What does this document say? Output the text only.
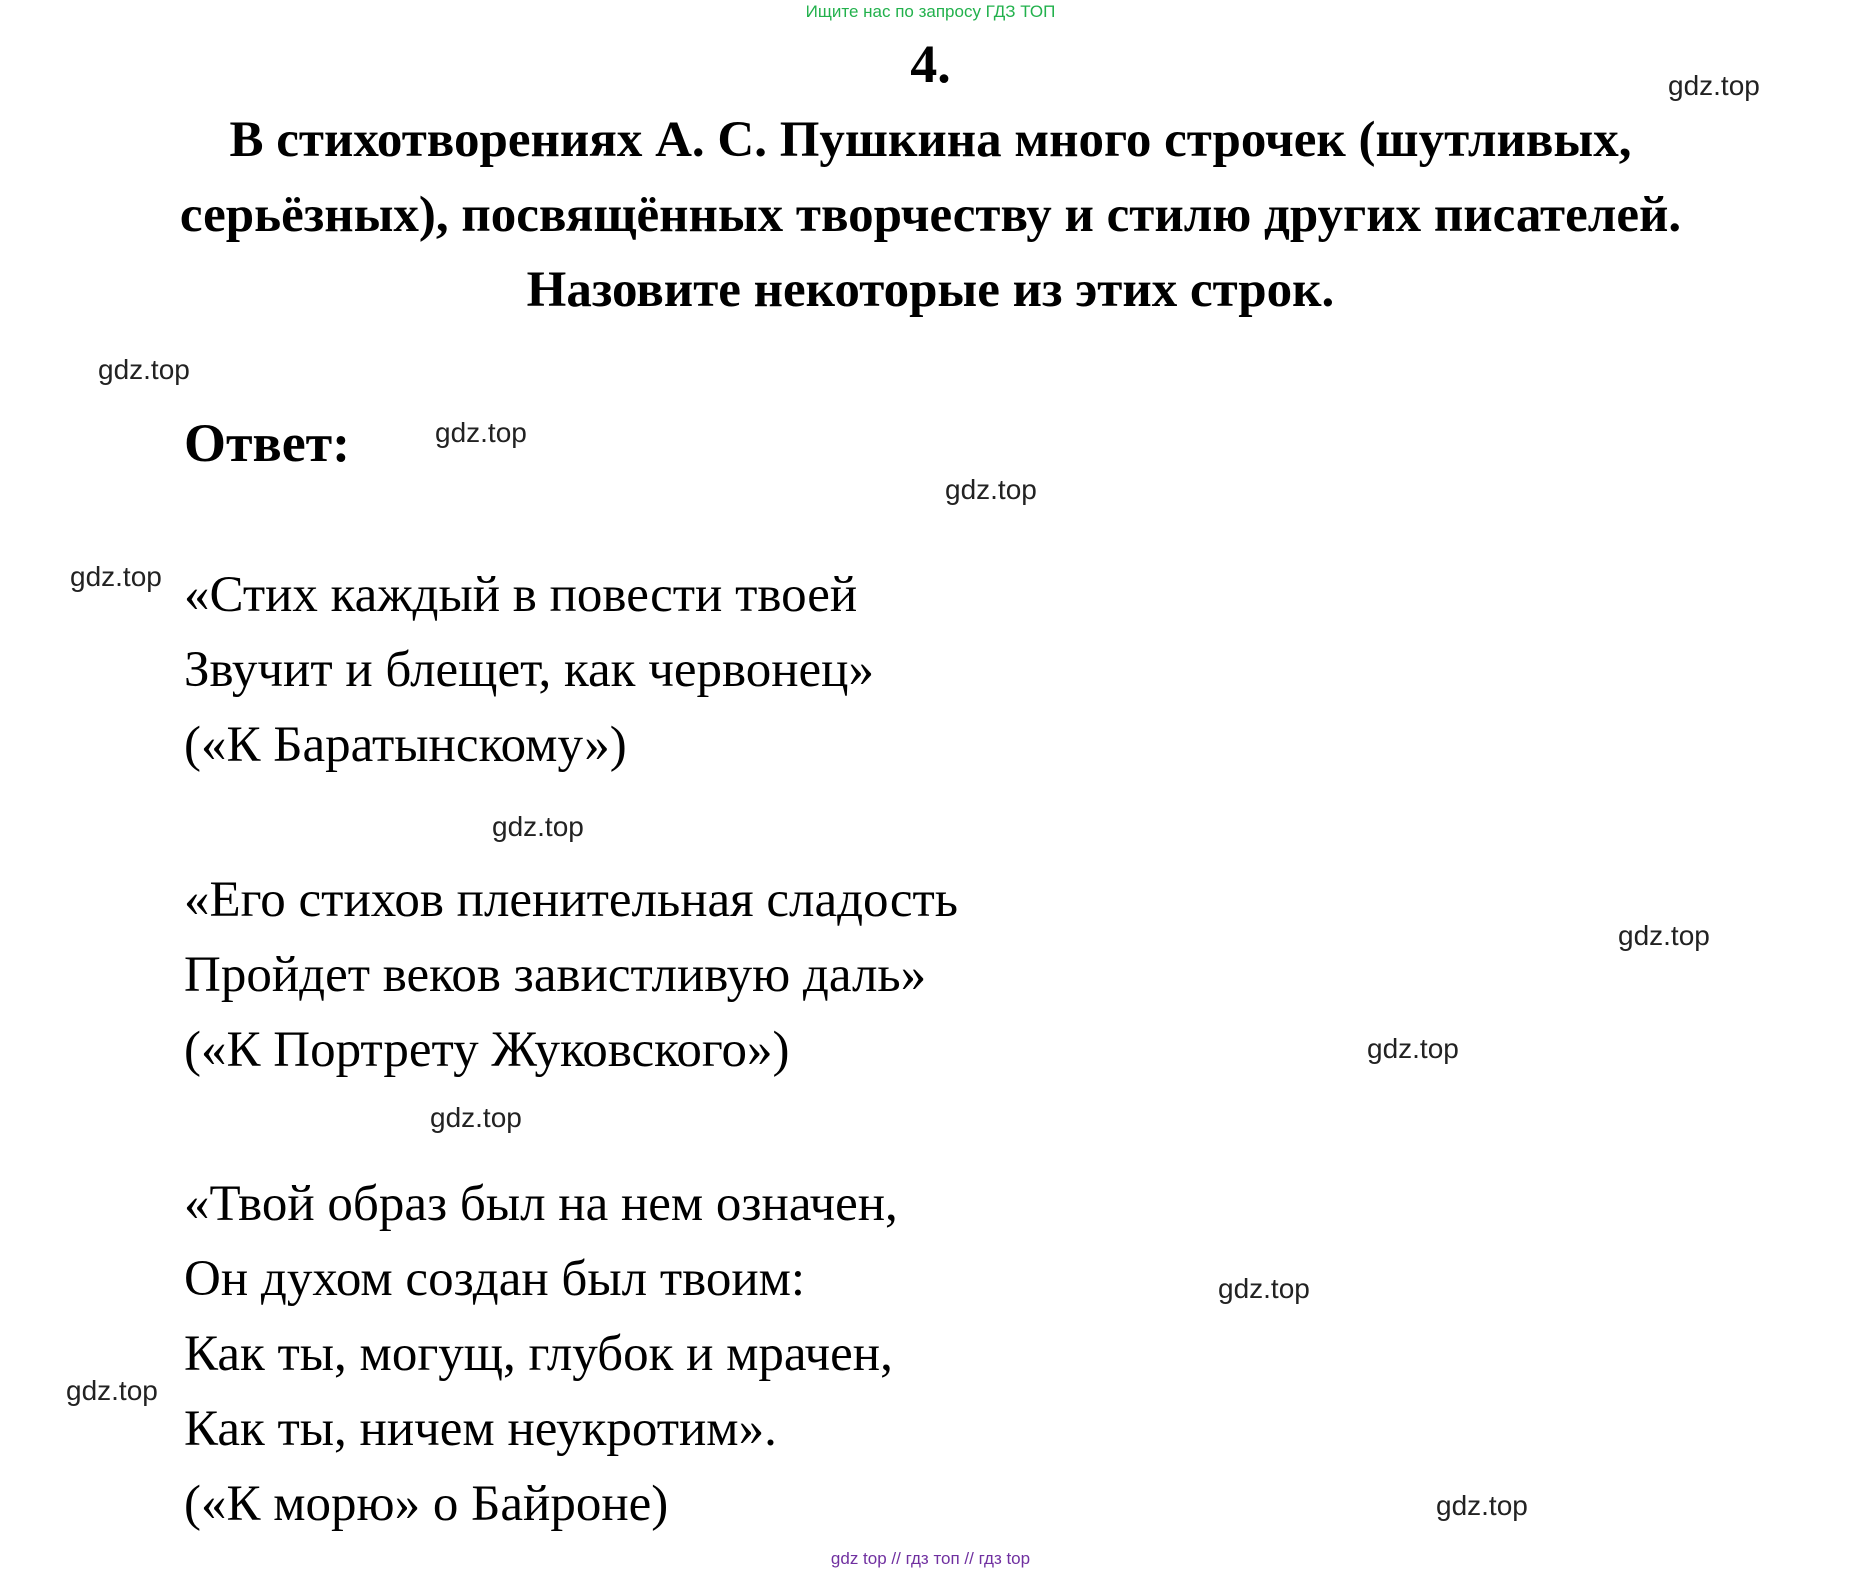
Ищите нас по запросу ГДЗ ТОП
4.
В стихотворениях А. С. Пушкина много строчек (шутливых,
серьёзных), посвящённых творчеству и стилю других писателей.
Назовите некоторые из этих строк.
Ответ:
«Стих каждый в повести твоей
Звучит и блещет, как червонец»
(«К Баратынскому»)
«Его стихов пленительная сладость
Пройдет веков завистливую даль»
(«К Портрету Жуковского»)
«Твой образ был на нем означен,
Он духом создан был твоим:
Как ты, могущ, глубок и мрачен,
Как ты, ничем неукротим».
(«К морю» о Байроне)
gdz.top
gdz.top
gdz.top
gdz.top
gdz.top
gdz.top
gdz.top
gdz.top
gdz.top
gdz.top
gdz.top
gdz.top
gdz top // гдз топ // гдз top
